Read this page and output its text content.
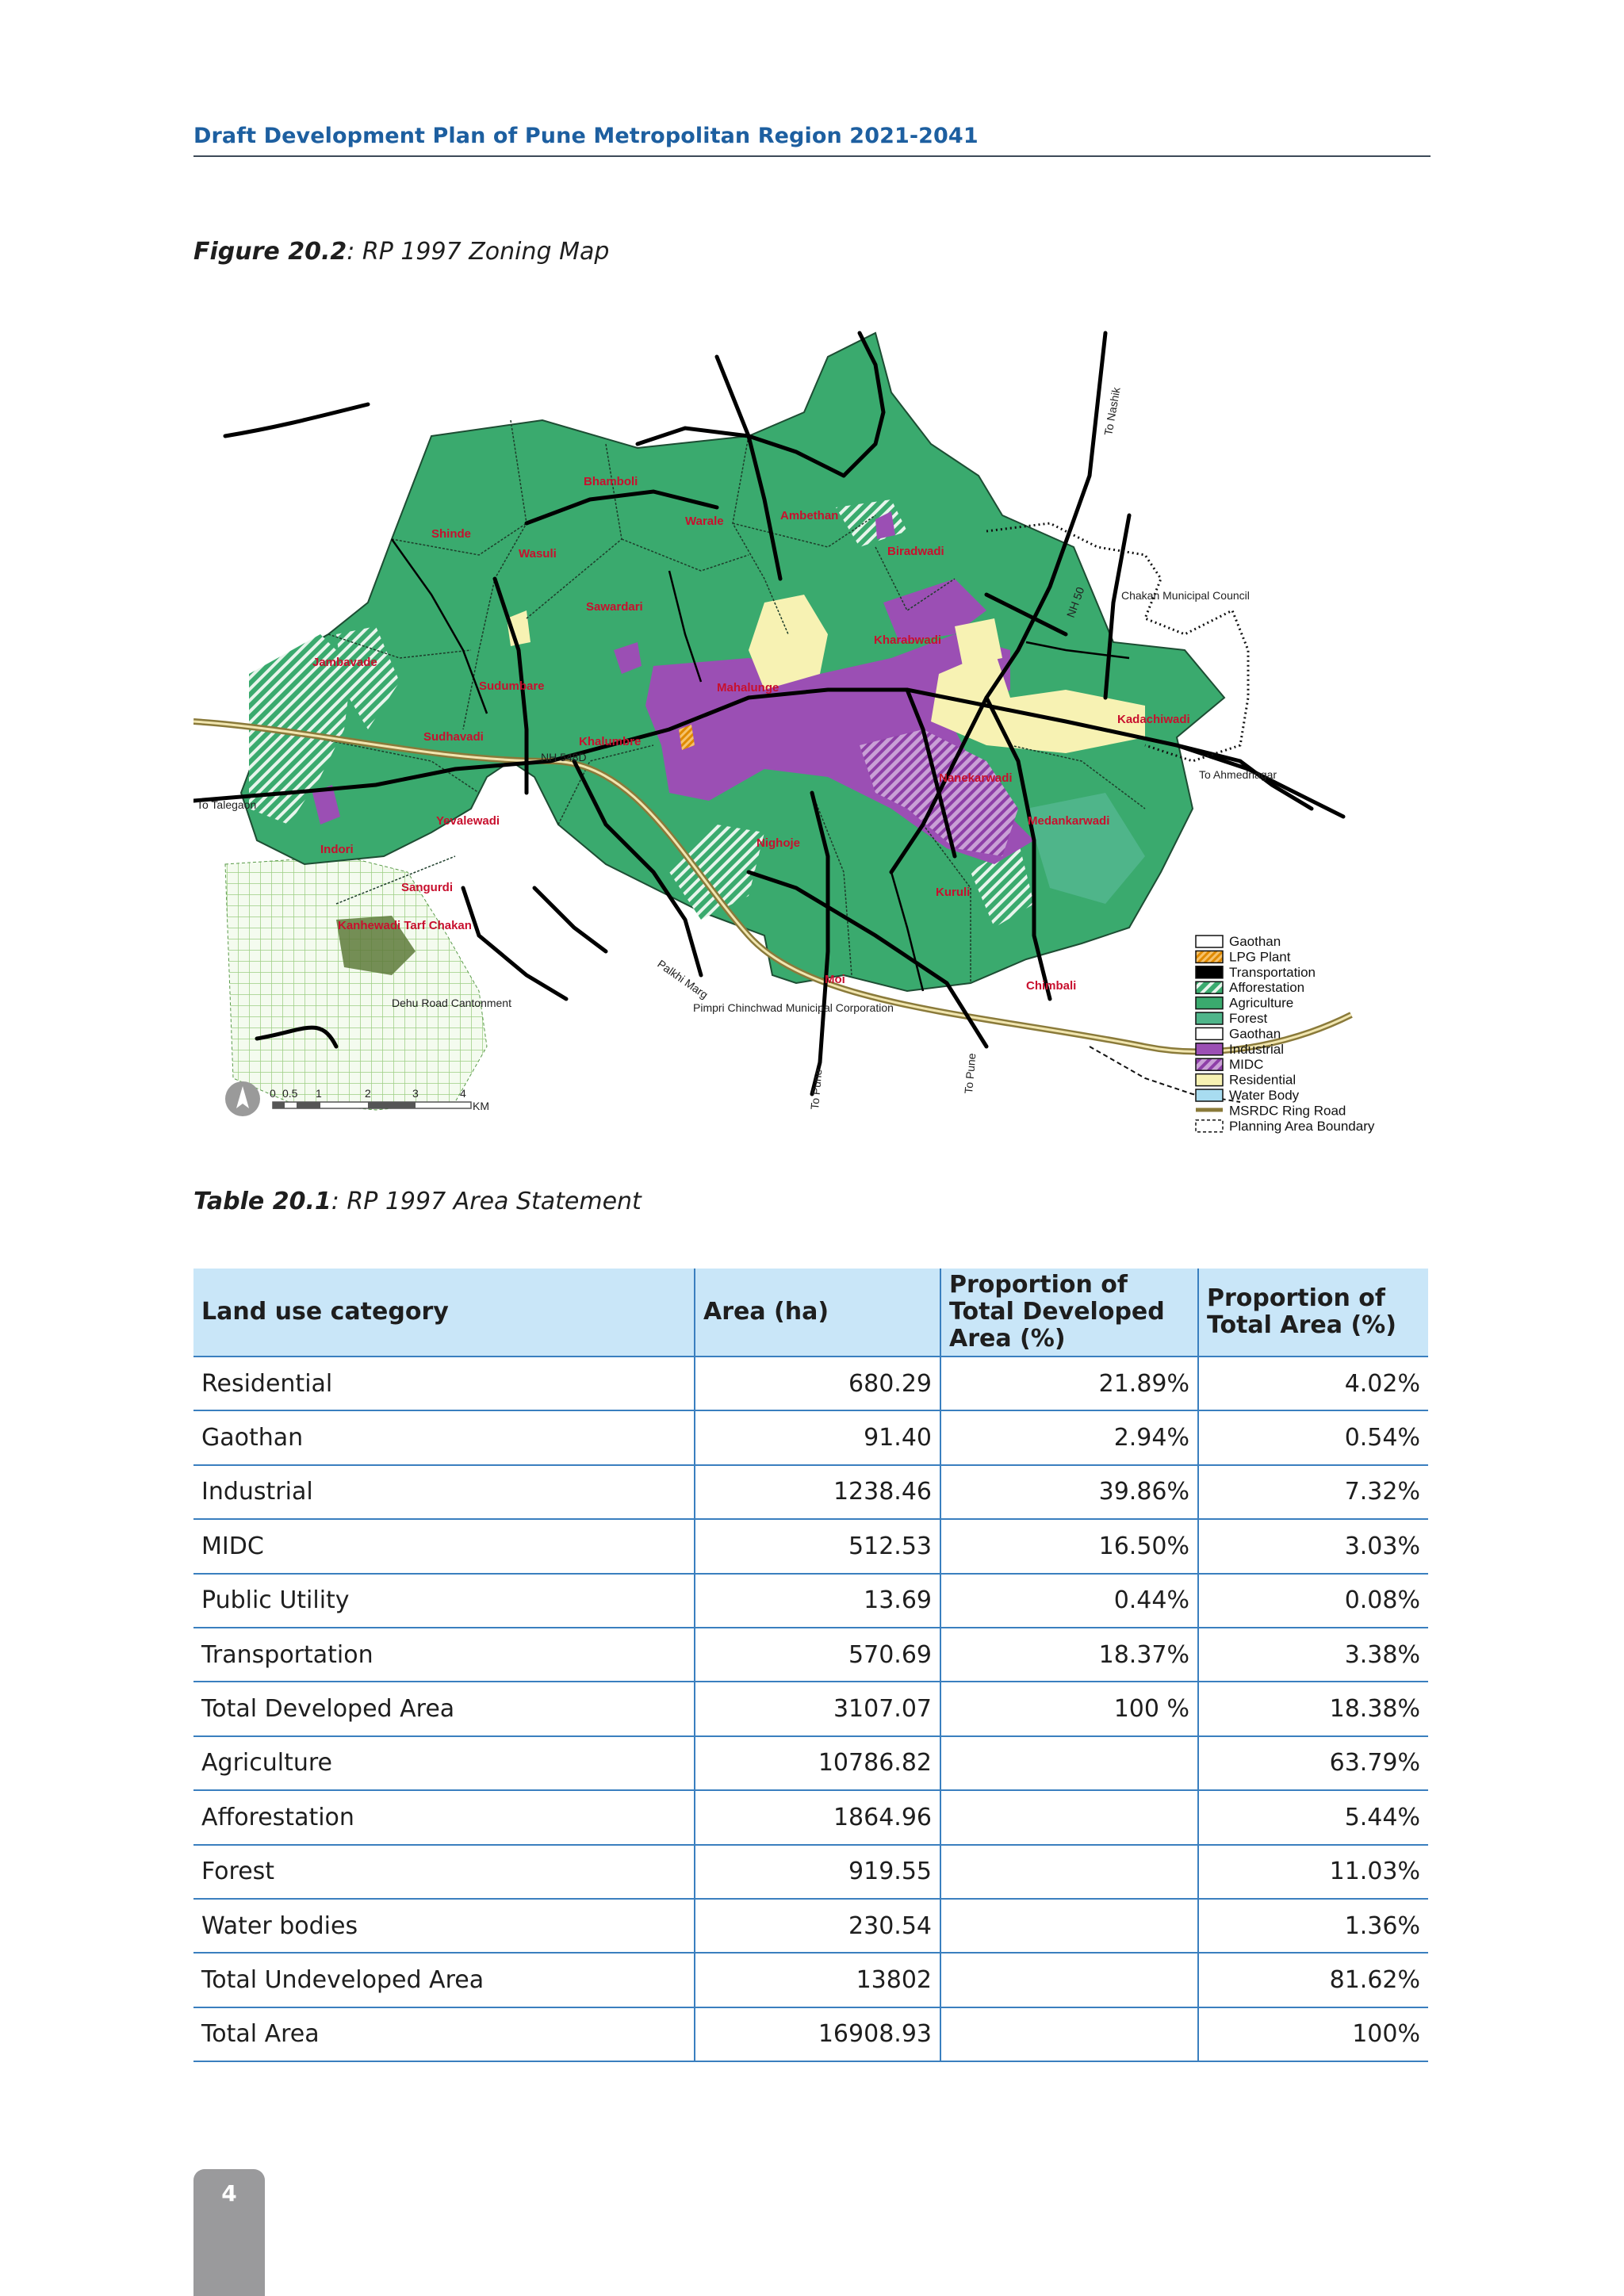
Draft Development Plan of Pune Metropolitan Region 2021-2041
Figure 20.2: RP 1997 Zoning Map
Bhamboli
Warale	Ambethan
Shinde
Wasuli	Biradwadi
Sawardari
Kharabwadi
Jambavade
Sudumbare	Mahalunge
Sudhavadi	Khalumbre
Kadachiwadi
Nanekarwadi
Yevalewadi
Indori	Nighoje
Medankarwadi
Sangurdi	Kuruli
Kanhewadi Tarf Chakan
Moi	Chimbali
Chakan Municipal Council
Dehu Road Cantonment	Pimpri Chinchwad Municipal Corporation
To Ahmednagar
To Talegaon
To Nashik
To Pune	To Pune
NH 50
NH 548D
Palkhi Marg
0 0.5 1	2	3	4
KM
Gaothan
LPG Plant
Transportation
Afforestation
Agriculture
Forest
Gaothan
Industrial
MIDC
Residential
Water Body
MSRDC Ring Road
Planning Area Boundary
Table 20.1: RP 1997 Area Statement
Land use category	Area (ha)	Proportion of Total Developed Area (%)	Proportion of Total Area (%)
Residential	680.29	21.89%	4.02%
Gaothan	91.40	2.94%	0.54%
Industrial	1238.46	39.86%	7.32%
MIDC	512.53	16.50%	3.03%
Public Utility	13.69	0.44%	0.08%
Transportation	570.69	18.37%	3.38%
Total Developed Area	3107.07	100 %	18.38%
Agriculture	10786.82		63.79%
Afforestation	1864.96		5.44%
Forest	919.55		11.03%
Water bodies	230.54		1.36%
Total Undeveloped Area	13802		81.62%
Total Area	16908.93		100%
4
